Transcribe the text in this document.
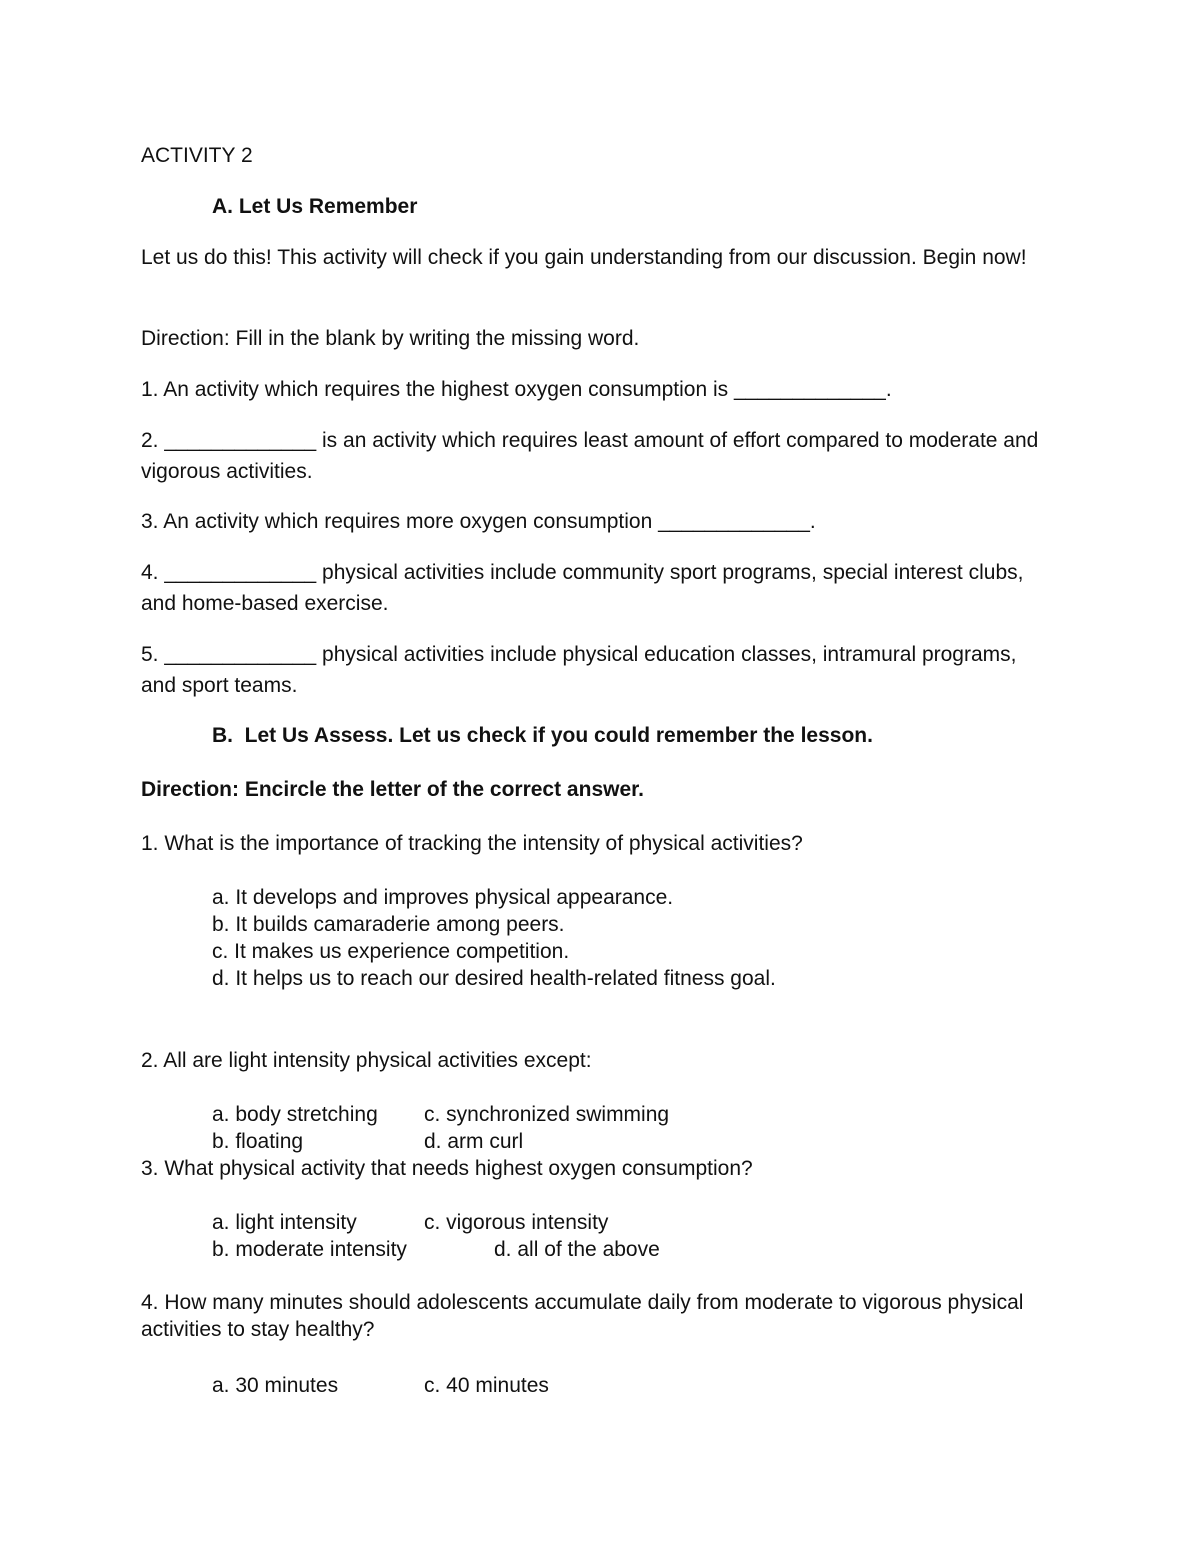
ACTIVITY 2

A. Let Us Remember

Let us do this! This activity will check if you gain understanding from our discussion. Begin now!

Direction: Fill in the blank by writing the missing word.

1. An activity which requires the highest oxygen consumption is _____________.

2. _____________ is an activity which requires least amount of effort compared to moderate and vigorous activities.

3. An activity which requires more oxygen consumption _____________.

4. _____________ physical activities include community sport programs, special interest clubs, and home-based exercise.

5. _____________ physical activities include physical education classes, intramural programs, and sport teams.

B.  Let Us Assess. Let us check if you could remember the lesson.

Direction: Encircle the letter of the correct answer.

1. What is the importance of tracking the intensity of physical activities?

a. It develops and improves physical appearance.
b. It builds camaraderie among peers.
c. It makes us experience competition.
d. It helps us to reach our desired health-related fitness goal.

2. All are light intensity physical activities except:

a. body stretching c. synchronized swimming
b. floating	d. arm curl

3. What physical activity that needs highest oxygen consumption?

a. light intensity	c. vigorous intensity
b. moderate intensity	d. all of the above

4. How many minutes should adolescents accumulate daily from moderate to vigorous physical activities to stay healthy?

a. 30 minutes	c. 40 minutes
